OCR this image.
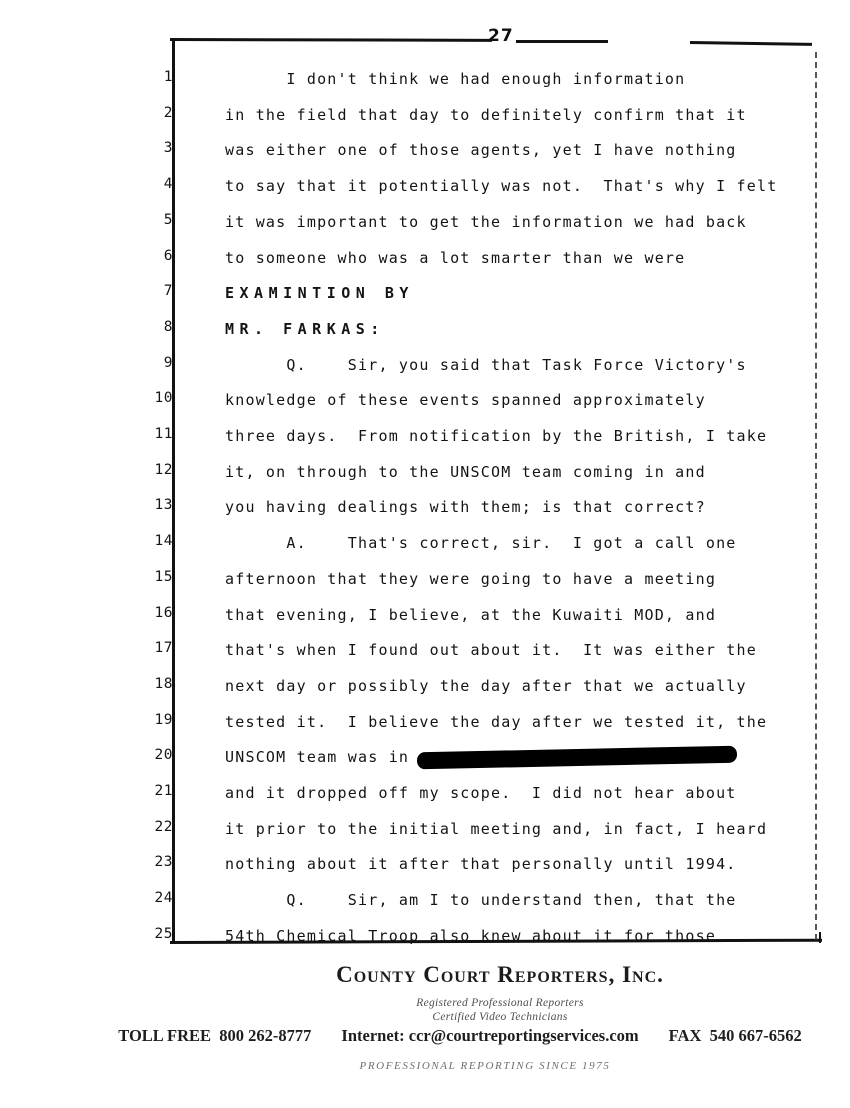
27
1	I don't think we had enough information
2	in the field that day to definitely confirm that it
3	was either one of those agents, yet I have nothing
4	to say that it potentially was not.  That's why I felt
5	it was important to get the information we had back
6	to someone who was a lot smarter than we were
7	EXAMINTION BY
8	MR. FARKAS:
9	Q.    Sir, you said that Task Force Victory's
10	knowledge of these events spanned approximately
11	three days.  From notification by the British, I take
12	it, on through to the UNSCOM team coming in and
13	you having dealings with them; is that correct?
14	A.    That's correct, sir.  I got a call one
15	afternoon that they were going to have a meeting
16	that evening, I believe, at the Kuwaiti MOD, and
17	that's when I found out about it.  It was either the
18	next day or possibly the day after that we actually
19	tested it.  I believe the day after we tested it, the
20	UNSCOM team was in
21	and it dropped off my scope.  I did not hear about
22	it prior to the initial meeting and, in fact, I heard
23	nothing about it after that personally until 1994.
24	Q.    Sir, am I to understand then, that the
25	54th Chemical Troop also knew about it for those
County Court Reporters, Inc.
Registered Professional Reporters
Certified Video Technicians
TOLL FREE  800 262-8777 Internet: ccr@courtreportingservices.com FAX  540 667-6562
PROFESSIONAL REPORTING SINCE 1975
